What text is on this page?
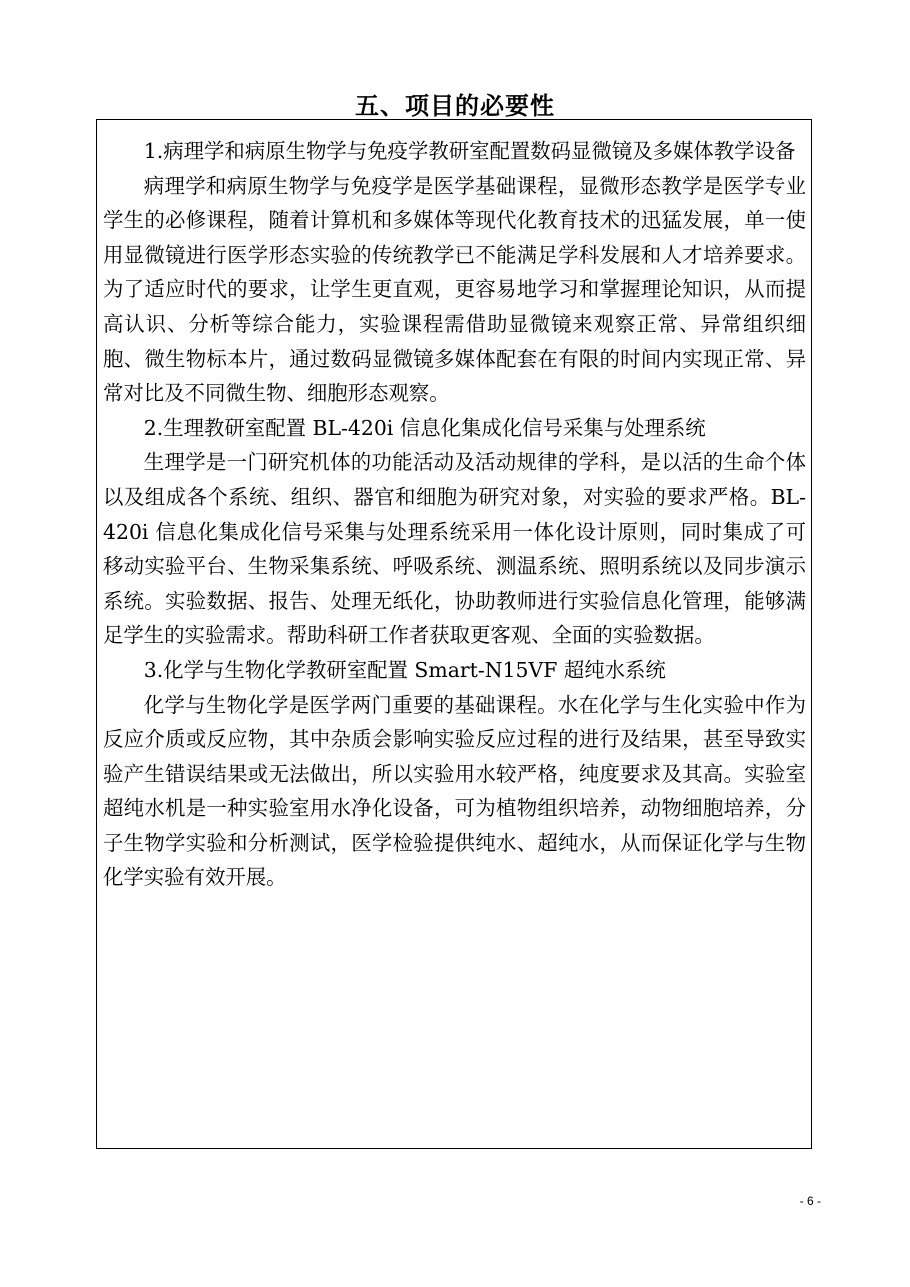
五、项目的必要性

1.病理学和病原生物学与免疫学教研室配置数码显微镜及多媒体教学设备

病理学和病原生物学与免疫学是医学基础课程，显微形态教学是医学专业学生的必修课程，随着计算机和多媒体等现代化教育技术的迅猛发展，单一使用显微镜进行医学形态实验的传统教学已不能满足学科发展和人才培养要求。为了适应时代的要求，让学生更直观，更容易地学习和掌握理论知识，从而提高认识、分析等综合能力，实验课程需借助显微镜来观察正常、异常组织细胞、微生物标本片，通过数码显微镜多媒体配套在有限的时间内实现正常、异常对比及不同微生物、细胞形态观察。

2.生理教研室配置 BL-420i 信息化集成化信号采集与处理系统

生理学是一门研究机体的功能活动及活动规律的学科，是以活的生命个体以及组成各个系统、组织、器官和细胞为研究对象，对实验的要求严格。BL-420i 信息化集成化信号采集与处理系统采用一体化设计原则，同时集成了可移动实验平台、生物采集系统、呼吸系统、测温系统、照明系统以及同步演示系统。实验数据、报告、处理无纸化，协助教师进行实验信息化管理，能够满足学生的实验需求。帮助科研工作者获取更客观、全面的实验数据。

3.化学与生物化学教研室配置 Smart-N15VF 超纯水系统

化学与生物化学是医学两门重要的基础课程。水在化学与生化实验中作为反应介质或反应物，其中杂质会影响实验反应过程的进行及结果，甚至导致实验产生错误结果或无法做出，所以实验用水较严格，纯度要求及其高。实验室超纯水机是一种实验室用水净化设备，可为植物组织培养，动物细胞培养，分子生物学实验和分析测试，医学检验提供纯水、超纯水，从而保证化学与生物化学实验有效开展。

- 6 -
